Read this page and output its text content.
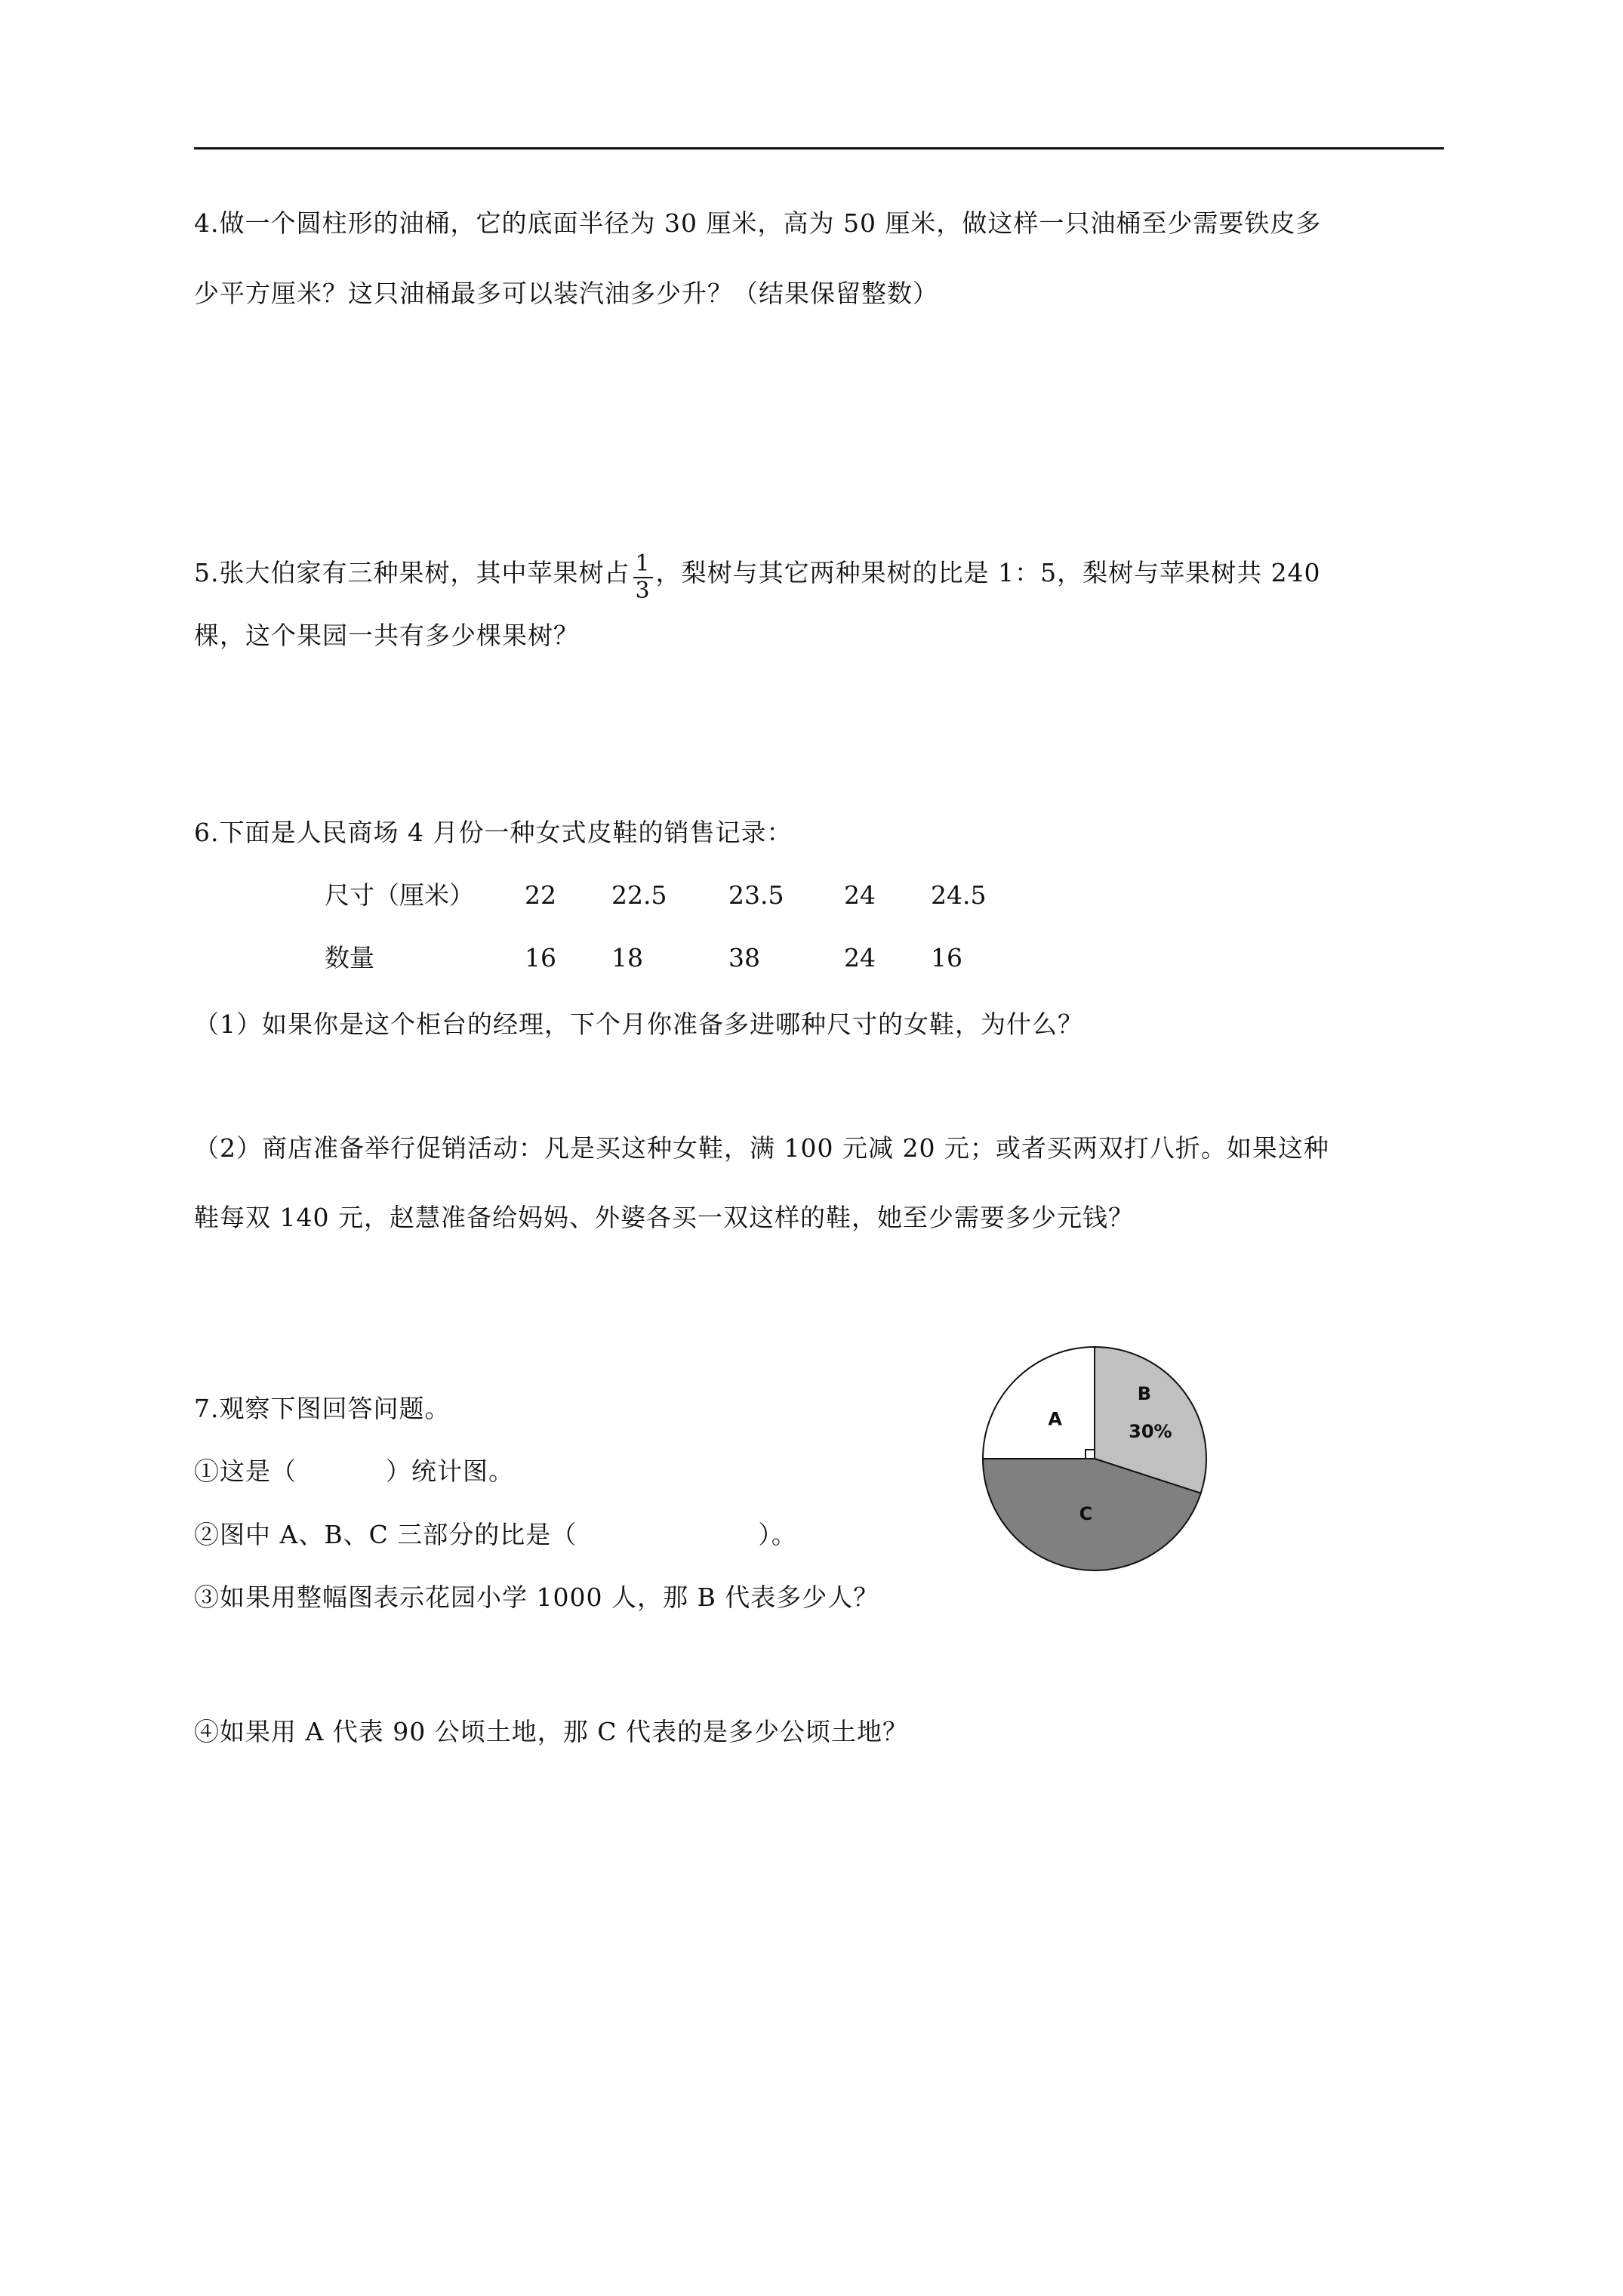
4.做一个圆柱形的油桶，它的底面半径为 30 厘米，高为 50 厘米，做这样一只油桶至少需要铁皮多
少平方厘米？这只油桶最多可以装汽油多少升？（结果保留整数）
5.张大伯家有三种果树，其中苹果树占 $\frac{1}{3}$ ，梨树与其它两种果树的比是 1：5，梨树与苹果树共 240
棵，这个果园一共有多少棵果树？
6.下面是人民商场 4 月份一种女式皮鞋的销售记录：
尺寸（厘米） 22 22.5 23.5 24 24.5
数量	16 18	38	24 16
（1）如果你是这个柜台的经理，下个月你准备多进哪种尺寸的女鞋，为什么？
（2）商店准备举行促销活动：凡是买这种女鞋，满 100 元减 20 元；或者买两双打八折。如果这种
鞋每双 140 元，赵慧准备给妈妈、外婆各买一双这样的鞋，她至少需要多少元钱？
7.观察下图回答问题。
①这是（	）统计图。
②图中 A、B、C 三部分的比是（	）。
③如果用整幅图表示花园小学 1000 人，那 B 代表多少人？
④如果用 A 代表 90 公顷土地，那 C 代表的是多少公顷土地？
B
30%
C
A
